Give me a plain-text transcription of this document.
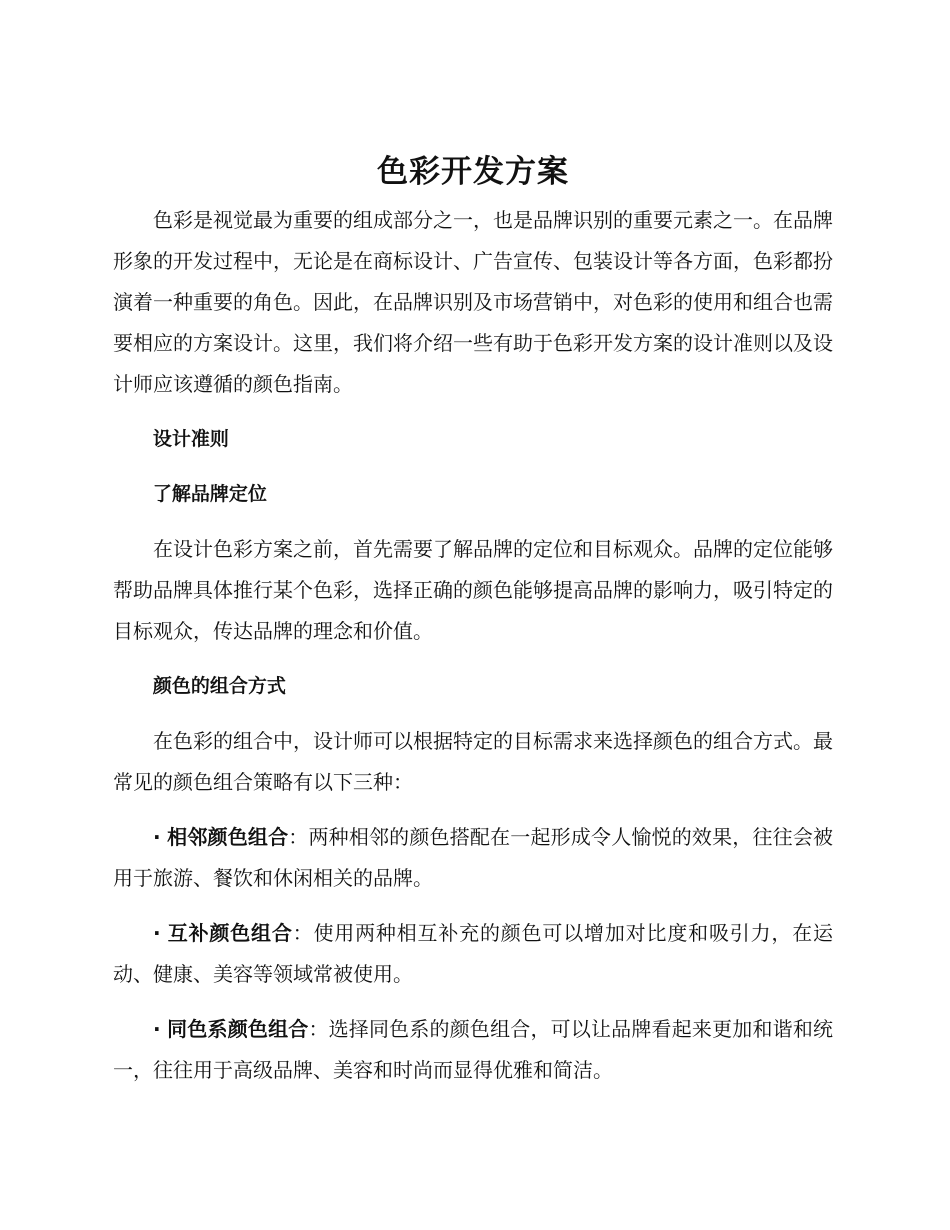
色彩开发方案

色彩是视觉最为重要的组成部分之一，也是品牌识别的重要元素之一。在品牌形象的开发过程中，无论是在商标设计、广告宣传、包装设计等各方面，色彩都扮演着一种重要的角色。因此，在品牌识别及市场营销中，对色彩的使用和组合也需要相应的方案设计。这里，我们将介绍一些有助于色彩开发方案的设计准则以及设计师应该遵循的颜色指南。

设计准则
了解品牌定位

在设计色彩方案之前，首先需要了解品牌的定位和目标观众。品牌的定位能够帮助品牌具体推行某个色彩，选择正确的颜色能够提高品牌的影响力，吸引特定的目标观众，传达品牌的理念和价值。

颜色的组合方式

在色彩的组合中，设计师可以根据特定的目标需求来选择颜色的组合方式。最常见的颜色组合策略有以下三种：

· 相邻颜色组合：两种相邻的颜色搭配在一起形成令人愉悦的效果，往往会被用于旅游、餐饮和休闲相关的品牌。

· 互补颜色组合：使用两种相互补充的颜色可以增加对比度和吸引力，在运动、健康、美容等领域常被使用。

· 同色系颜色组合：选择同色系的颜色组合，可以让品牌看起来更加和谐和统一，往往用于高级品牌、美容和时尚而显得优雅和简洁。
